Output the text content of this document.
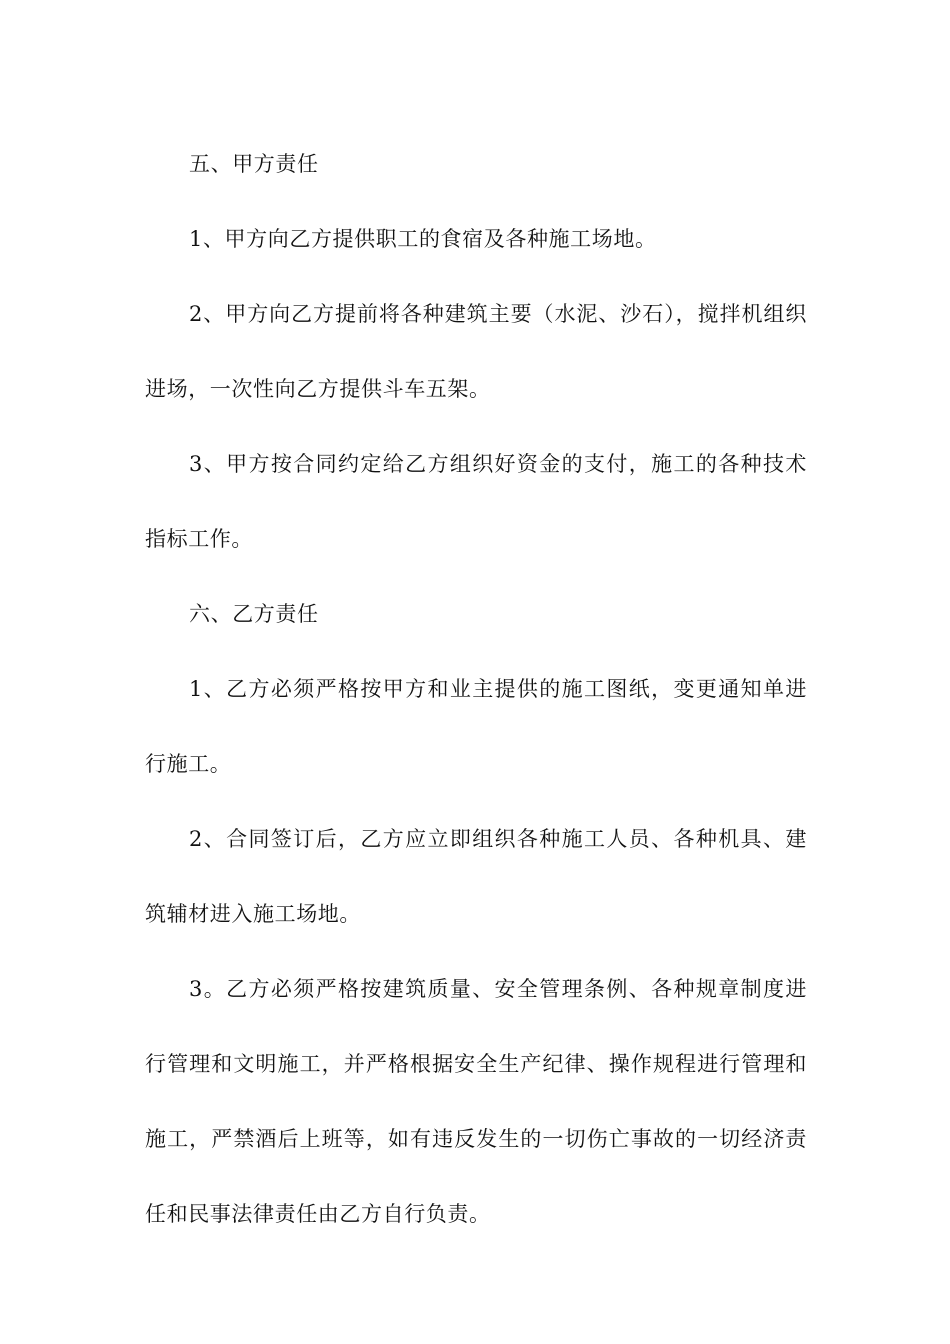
五、甲方责任

1、甲方向乙方提供职工的食宿及各种施工场地。

2、甲方向乙方提前将各种建筑主要（水泥、沙石），搅拌机组织进场，一次性向乙方提供斗车五架。

3、甲方按合同约定给乙方组织好资金的支付，施工的各种技术指标工作。

六、乙方责任

1、乙方必须严格按甲方和业主提供的施工图纸，变更通知单进行施工。

2、合同签订后，乙方应立即组织各种施工人员、各种机具、建筑辅材进入施工场地。

3。乙方必须严格按建筑质量、安全管理条例、各种规章制度进行管理和文明施工，并严格根据安全生产纪律、操作规程进行管理和施工，严禁酒后上班等，如有违反发生的一切伤亡事故的一切经济责任和民事法律责任由乙方自行负责。
